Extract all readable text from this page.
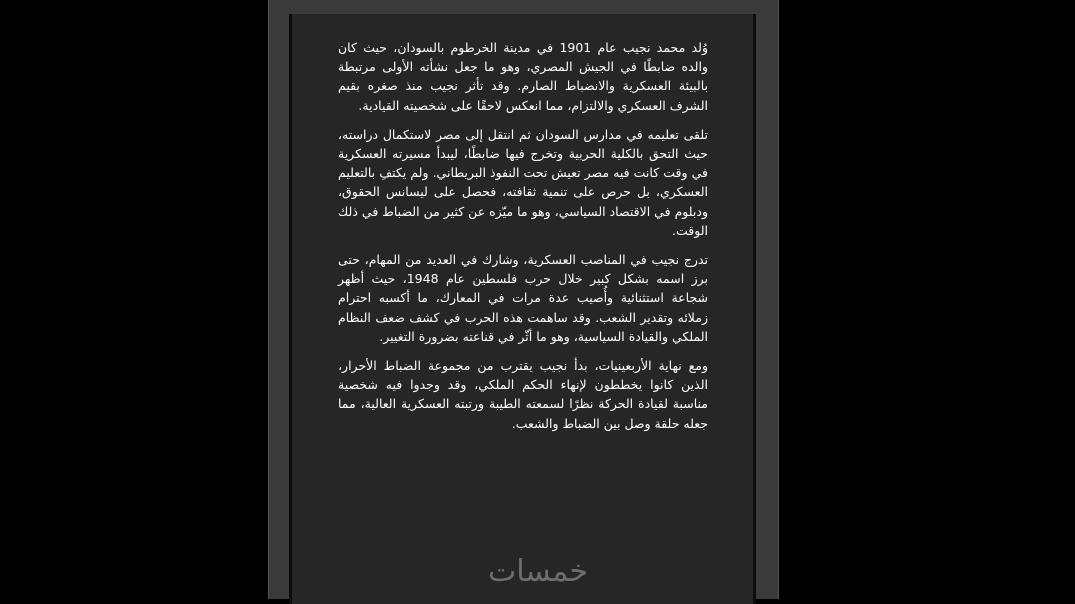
وُلد محمد نجيب عام 1901 في مدينة الخرطوم بالسودان، حيث كان والده ضابطًا في الجيش المصري، وهو ما جعل نشأته الأولى مرتبطة بالبيئة العسكرية والانضباط الصارم. وقد تأثر نجيب منذ صغره بقيم الشرف العسكري والالتزام، مما انعكس لاحقًا على شخصيته القيادية.

تلقى تعليمه في مدارس السودان ثم انتقل إلى مصر لاستكمال دراسته، حيث التحق بالكلية الحربية وتخرج فيها ضابطًا، ليبدأ مسيرته العسكرية في وقت كانت فيه مصر تعيش تحت النفوذ البريطاني. ولم يكتفِ بالتعليم العسكري، بل حرص على تنمية ثقافته، فحصل على ليسانس الحقوق، ودبلوم في الاقتصاد السياسي، وهو ما ميّزه عن كثير من الضباط في ذلك الوقت.

تدرج نجيب في المناصب العسكرية، وشارك في العديد من المهام، حتى برز اسمه بشكل كبير خلال حرب فلسطين عام 1948، حيث أظهر شجاعة استثنائية وأُصيب عدة مرات في المعارك، ما أكسبه احترام زملائه وتقدير الشعب. وقد ساهمت هذه الحرب في كشف ضعف النظام الملكي والقيادة السياسية، وهو ما أثّر في قناعته بضرورة التغيير.

ومع نهاية الأربعينيات، بدأ نجيب يقترب من مجموعة الضباط الأحرار، الذين كانوا يخططون لإنهاء الحكم الملكي، وقد وجدوا فيه شخصية مناسبة لقيادة الحركة نظرًا لسمعته الطيبة ورتبته العسكرية العالية، مما جعله حلقة وصل بين الضباط والشعب.

خمسات
